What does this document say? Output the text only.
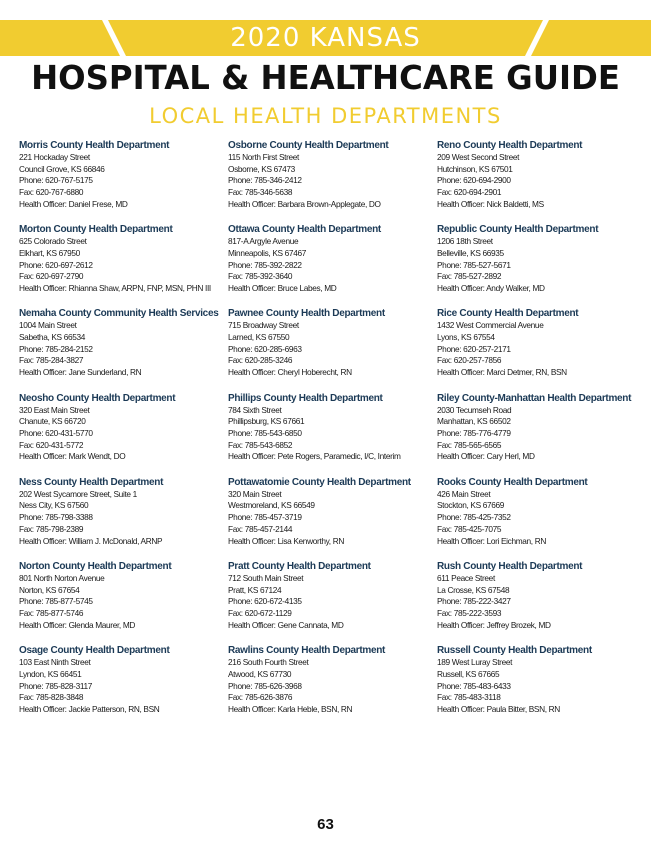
2020 KANSAS
HOSPITAL & HEALTHCARE GUIDE
LOCAL HEALTH DEPARTMENTS
Morris County Health Department
221 Hockaday Street
Council Grove, KS 66846
Phone: 620-767-5175
Fax: 620-767-6880
Health Officer: Daniel Frese, MD
Morton County Health Department
625 Colorado Street
Elkhart, KS 67950
Phone: 620-697-2612
Fax: 620-697-2790
Health Officer: Rhianna Shaw, ARPN, FNP, MSN, PHN III
Nemaha County Community Health Services
1004 Main Street
Sabetha, KS 66534
Phone: 785-284-2152
Fax: 785-284-3827
Health Officer: Jane Sunderland, RN
Neosho County Health Department
320 East Main Street
Chanute, KS 66720
Phone: 620-431-5770
Fax: 620-431-5772
Health Officer: Mark Wendt, DO
Ness County Health Department
202 West Sycamore Street, Suite 1
Ness City, KS 67560
Phone: 785-798-3388
Fax: 785-798-2389
Health Officer: William J. McDonald, ARNP
Norton County Health Department
801 North Norton Avenue
Norton, KS 67654
Phone: 785-877-5745
Fax: 785-877-5746
Health Officer: Glenda Maurer, MD
Osage County Health Department
103 East Ninth Street
Lyndon, KS 66451
Phone: 785-828-3117
Fax: 785-828-3848
Health Officer: Jackie Patterson, RN, BSN
Osborne County Health Department
115 North First Street
Osborne, KS 67473
Phone: 785-346-2412
Fax: 785-346-5638
Health Officer: Barbara Brown-Applegate, DO
Ottawa County Health Department
817-A Argyle Avenue
Minneapolis, KS 67467
Phone: 785-392-2822
Fax: 785-392-3640
Health Officer: Bruce Labes, MD
Pawnee County Health Department
715 Broadway Street
Larned, KS 67550
Phone: 620-285-6963
Fax: 620-285-3246
Health Officer: Cheryl Hoberecht, RN
Phillips County Health Department
784 Sixth Street
Phillipsburg, KS 67661
Phone: 785-543-6850
Fax: 785-543-6852
Health Officer: Pete Rogers, Paramedic, I/C, Interim
Pottawatomie County Health Department
320 Main Street
Westmoreland, KS 66549
Phone: 785-457-3719
Fax: 785-457-2144
Health Officer: Lisa Kenworthy, RN
Pratt County Health Department
712 South Main Street
Pratt, KS 67124
Phone: 620-672-4135
Fax: 620-672-1129
Health Officer: Gene Cannata, MD
Rawlins County Health Department
216 South Fourth Street
Atwood, KS 67730
Phone: 785-626-3968
Fax: 785-626-3876
Health Officer: Karla Heble, BSN, RN
Reno County Health Department
209 West Second Street
Hutchinson, KS 67501
Phone: 620-694-2900
Fax: 620-694-2901
Health Officer: Nick Baldetti, MS
Republic County Health Department
1206 18th Street
Belleville, KS 66935
Phone: 785-527-5671
Fax: 785-527-2892
Health Officer: Andy Walker, MD
Rice County Health Department
1432 West Commercial Avenue
Lyons, KS 67554
Phone: 620-257-2171
Fax: 620-257-7856
Health Officer: Marci Detmer, RN, BSN
Riley County-Manhattan Health Department
2030 Tecumseh Road
Manhattan, KS 66502
Phone: 785-776-4779
Fax: 785-565-6565
Health Officer: Cary Herl, MD
Rooks County Health Department
426 Main Street
Stockton, KS 67669
Phone: 785-425-7352
Fax: 785-425-7075
Health Officer: Lori Eichman, RN
Rush County Health Department
611 Peace Street
La Crosse, KS 67548
Phone: 785-222-3427
Fax: 785-222-3593
Health Officer: Jeffrey Brozek, MD
Russell County Health Department
189 West Luray Street
Russell, KS 67665
Phone: 785-483-6433
Fax: 785-483-3118
Health Officer: Paula Bitter, BSN, RN
63
